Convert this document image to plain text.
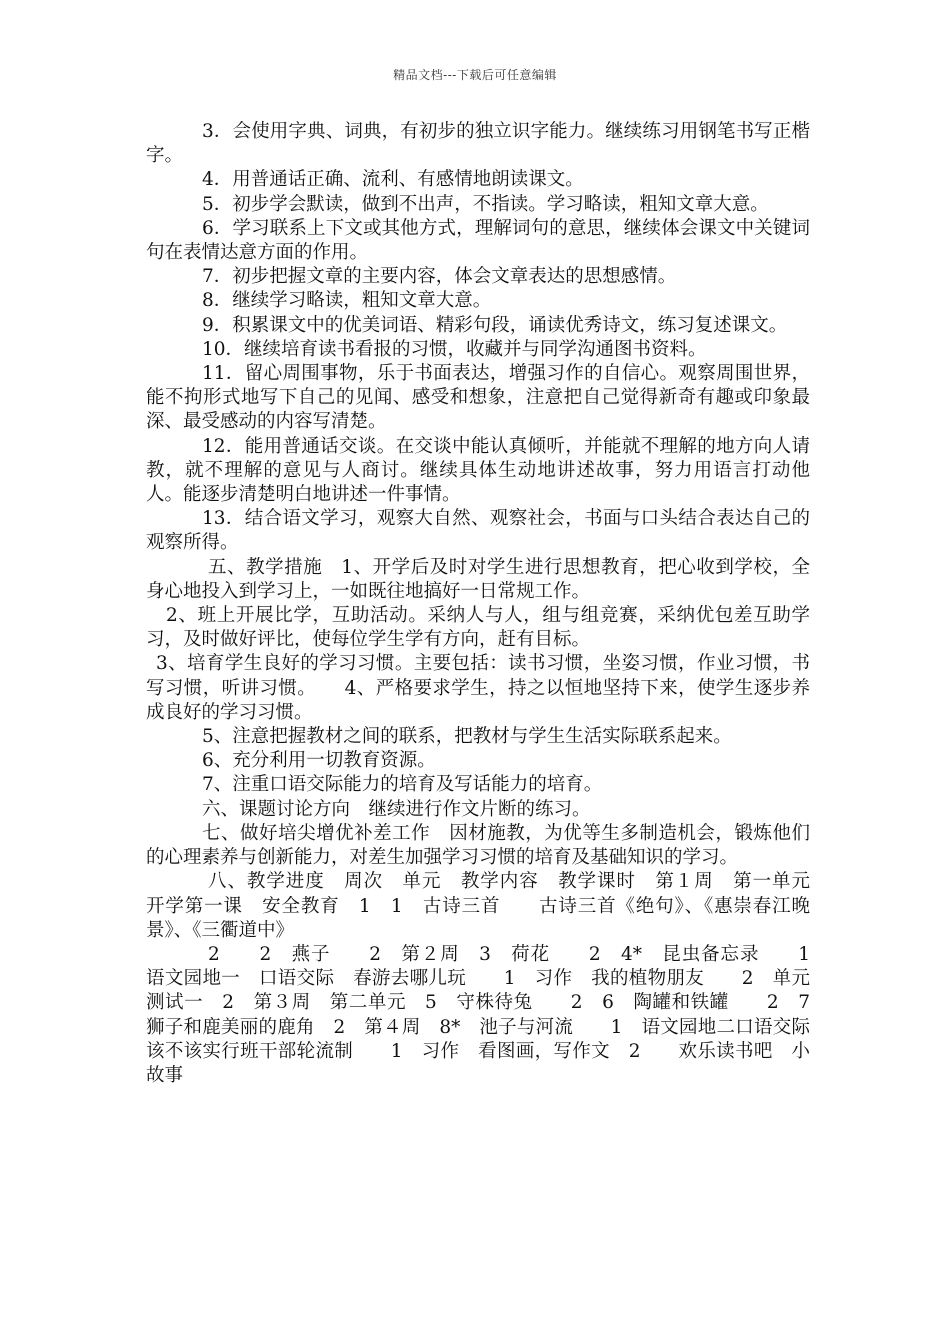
精品文档---下载后可任意编辑

3．会使用字典、词典，有初步的独立识字能力。继续练习用钢笔书写正楷字。

4．用普通话正确、流利、有感情地朗读课文。

5．初步学会默读，做到不出声，不指读。学习略读，粗知文章大意。

6．学习联系上下文或其他方式，理解词句的意思，继续体会课文中关键词句在表情达意方面的作用。

7．初步把握文章的主要内容，体会文章表达的思想感情。

8．继续学习略读，粗知文章大意。

9．积累课文中的优美词语、精彩句段，诵读优秀诗文，练习复述课文。

10．继续培育读书看报的习惯，收藏并与同学沟通图书资料。

11．留心周围事物，乐于书面表达，增强习作的自信心。观察周围世界，能不拘形式地写下自己的见闻、感受和想象，注意把自己觉得新奇有趣或印象最深、最受感动的内容写清楚。

12．能用普通话交谈。在交谈中能认真倾听，并能就不理解的地方向人请教，就不理解的意见与人商讨。继续具体生动地讲述故事，努力用语言打动他人。能逐步清楚明白地讲述一件事情。

13．结合语文学习，观察大自然、观察社会，书面与口头结合表达自己的观察所得。

五、教学措施　1、开学后及时对学生进行思想教育，把心收到学校，全身心地投入到学习上，一如既往地搞好一日常规工作。

2、班上开展比学，互助活动。采纳人与人，组与组竞赛，采纳优包差互助学习，及时做好评比，使每位学生学有方向，赶有目标。

3、培育学生良好的学习习惯。主要包括：读书习惯，坐姿习惯，作业习惯，书写习惯，听讲习惯。　　4、严格要求学生，持之以恒地坚持下来，使学生逐步养成良好的学习习惯。

5、注意把握教材之间的联系，把教材与学生生活实际联系起来。

6、充分利用一切教育资源。

7、注重口语交际能力的培育及写话能力的培育。

六、课题讨论方向　继续进行作文片断的练习。

七、做好培尖增优补差工作　因材施教，为优等生多制造机会，锻炼他们的心理素养与创新能力，对差生加强学习习惯的培育及基础知识的学习。

八、教学进度　周次　单元　教学内容　教学课时　第１周　第一单元　开学第一课　安全教育　1　1　古诗三首　　古诗三首《绝句》、《惠崇春江晚景》、《三衢道中》

2　　2　燕子　　2　第２周　3　荷花　　2　4*　昆虫备忘录　　1　语文园地一　口语交际　春游去哪儿玩　　1　习作　我的植物朋友　　2　单元测试一　2　第３周　第二单元　5　守株待兔　　2　6　陶罐和铁罐　　2　7　狮子和鹿美丽的鹿角　2　第４周　8*　池子与河流　　1　语文园地二口语交际　该不该实行班干部轮流制　　1　习作　看图画，写作文　2　　欢乐读书吧　小故事
